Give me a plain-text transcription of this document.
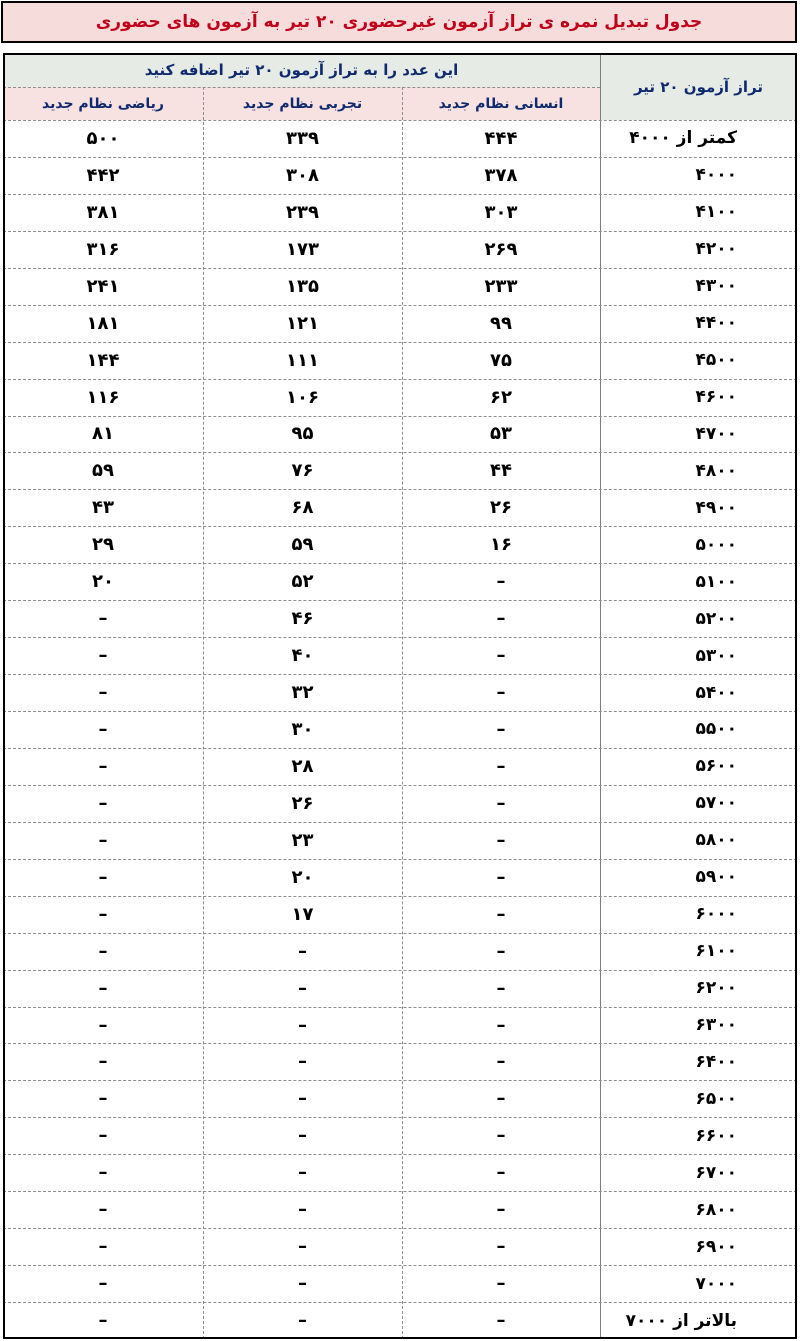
جدول تبدیل نمره ی تراز آزمون غیرحضوری ۲۰ تیر به آزمون های حضوری
تراز آزمون ۲۰ تیر
این عدد را به تراز آزمون ۲۰ تیر اضافه کنید
انسانی نظام جدید
تجربی نظام جدید
ریاضی نظام جدید
کمتر از ۴۰۰۰
۴۴۴
۳۳۹
۵۰۰
۴۰۰۰
۳۷۸
۳۰۸
۴۴۲
۴۱۰۰
۳۰۳
۲۳۹
۳۸۱
۴۲۰۰
۲۶۹
۱۷۳
۳۱۶
۴۳۰۰
۲۳۳
۱۳۵
۲۴۱
۴۴۰۰
۹۹
۱۲۱
۱۸۱
۴۵۰۰
۷۵
۱۱۱
۱۴۴
۴۶۰۰
۶۲
۱۰۶
۱۱۶
۴۷۰۰
۵۳
۹۵
۸۱
۴۸۰۰
۴۴
۷۶
۵۹
۴۹۰۰
۲۶
۶۸
۴۳
۵۰۰۰
۱۶
۵۹
۲۹
۵۱۰۰
–
۵۲
۲۰
۵۲۰۰
–
۴۶
–
۵۳۰۰
–
۴۰
–
۵۴۰۰
–
۳۲
–
۵۵۰۰
–
۳۰
–
۵۶۰۰
–
۲۸
–
۵۷۰۰
–
۲۶
–
۵۸۰۰
–
۲۳
–
۵۹۰۰
–
۲۰
–
۶۰۰۰
–
۱۷
–
۶۱۰۰
–
–
–
۶۲۰۰
–
–
–
۶۳۰۰
–
–
–
۶۴۰۰
–
–
–
۶۵۰۰
–
–
–
۶۶۰۰
–
–
–
۶۷۰۰
–
–
–
۶۸۰۰
–
–
–
۶۹۰۰
–
–
–
۷۰۰۰
–
–
–
بالاتر از ۷۰۰۰
–
–
–
